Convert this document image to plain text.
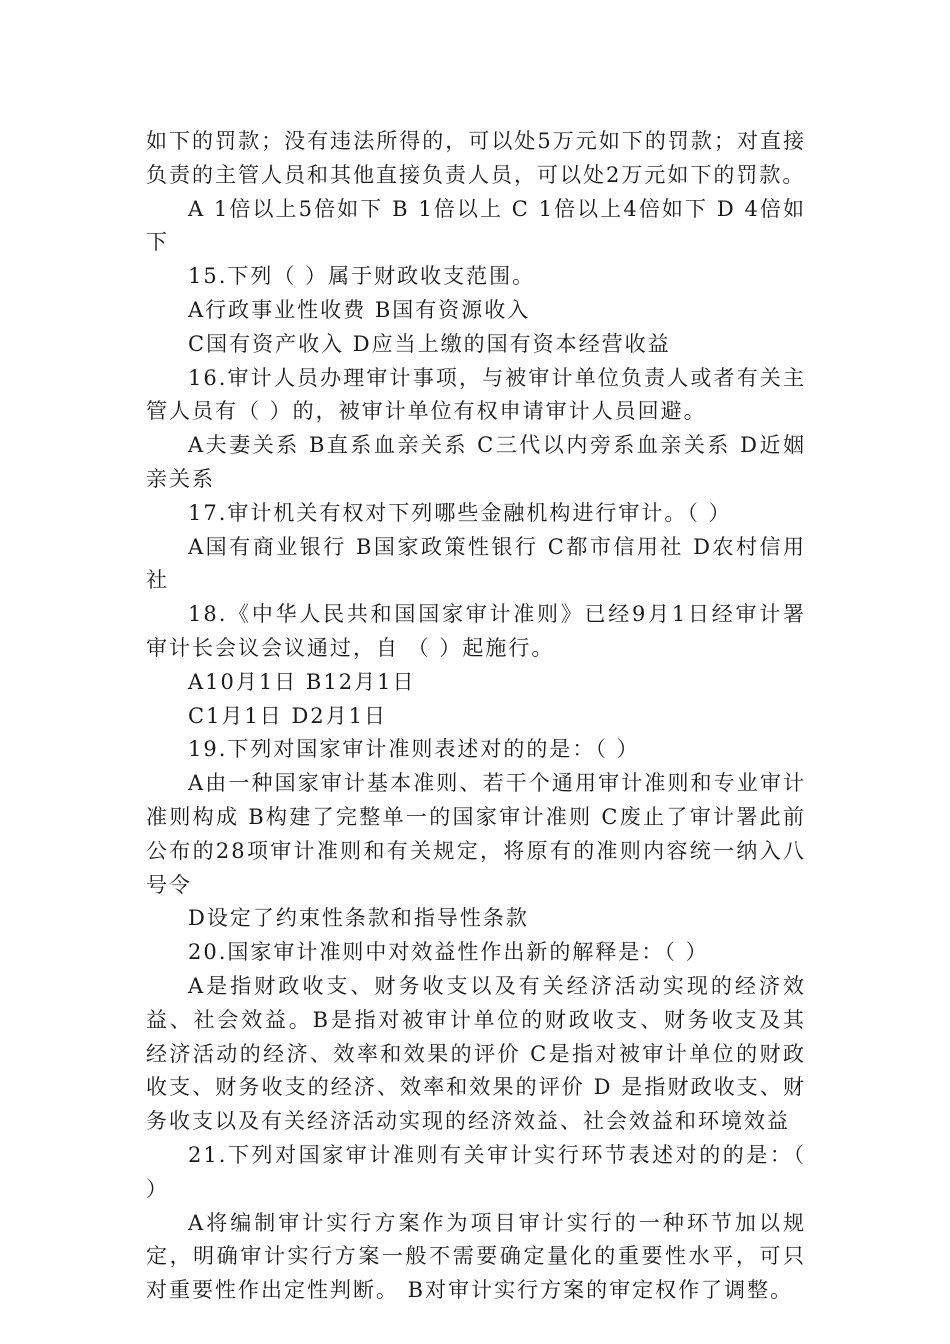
如下的罚款；没有违法所得的，可以处5万元如下的罚款；对直接负责的主管人员和其他直接负责人员，可以处2万元如下的罚款。

A 1倍以上5倍如下 B 1倍以上 C 1倍以上4倍如下 D 4倍如下

15.下列（ ）属于财政收支范围。

A行政事业性收费 B国有资源收入

C国有资产收入 D应当上缴的国有资本经营收益

16.审计人员办理审计事项，与被审计单位负责人或者有关主管人员有（ ）的，被审计单位有权申请审计人员回避。

A夫妻关系 B直系血亲关系 C三代以内旁系血亲关系 D近姻亲关系

17.审计机关有权对下列哪些金融机构进行审计。（ ）

A国有商业银行 B国家政策性银行 C都市信用社 D农村信用社

18.《中华人民共和国国家审计准则》已经9月1日经审计署审计长会议会议通过，自 （ ）起施行。

A10月1日 B12月1日

C1月1日 D2月1日

19.下列对国家审计准则表述对的的是：（ ）

A由一种国家审计基本准则、若干个通用审计准则和专业审计准则构成 B构建了完整单一的国家审计准则 C废止了审计署此前公布的28项审计准则和有关规定，将原有的准则内容统一纳入八号令

D设定了约束性条款和指导性条款

20.国家审计准则中对效益性作出新的解释是：（ ）

A是指财政收支、财务收支以及有关经济活动实现的经济效益、社会效益。B是指对被审计单位的财政收支、财务收支及其经济活动的经济、效率和效果的评价 C是指对被审计单位的财政收支、财务收支的经济、效率和效果的评价 D 是指财政收支、财务收支以及有关经济活动实现的经济效益、社会效益和环境效益

21.下列对国家审计准则有关审计实行环节表述对的的是：（ ）

A将编制审计实行方案作为项目审计实行的一种环节加以规定，明确审计实行方案一般不需要确定量化的重要性水平，可只对重要性作出定性判断。 B对审计实行方案的审定权作了调整。
